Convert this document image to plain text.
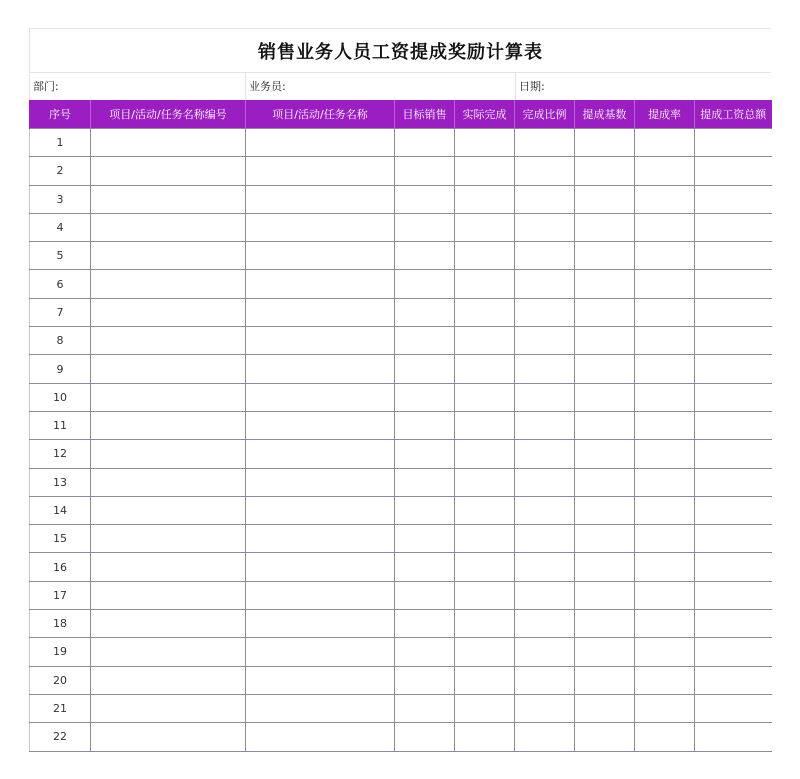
销售业务人员工资提成奖励计算表
部门:	业务员:	日期:
序号	项目/活动/任务名称编号	项目/活动/任务名称	目标销售	实际完成	完成比例	提成基数	提成率	提成工资总额
1								
2								
3								
4								
5								
6								
7								
8								
9								
10								
11								
12								
13								
14								
15								
16								
17								
18								
19								
20								
21								
22								
